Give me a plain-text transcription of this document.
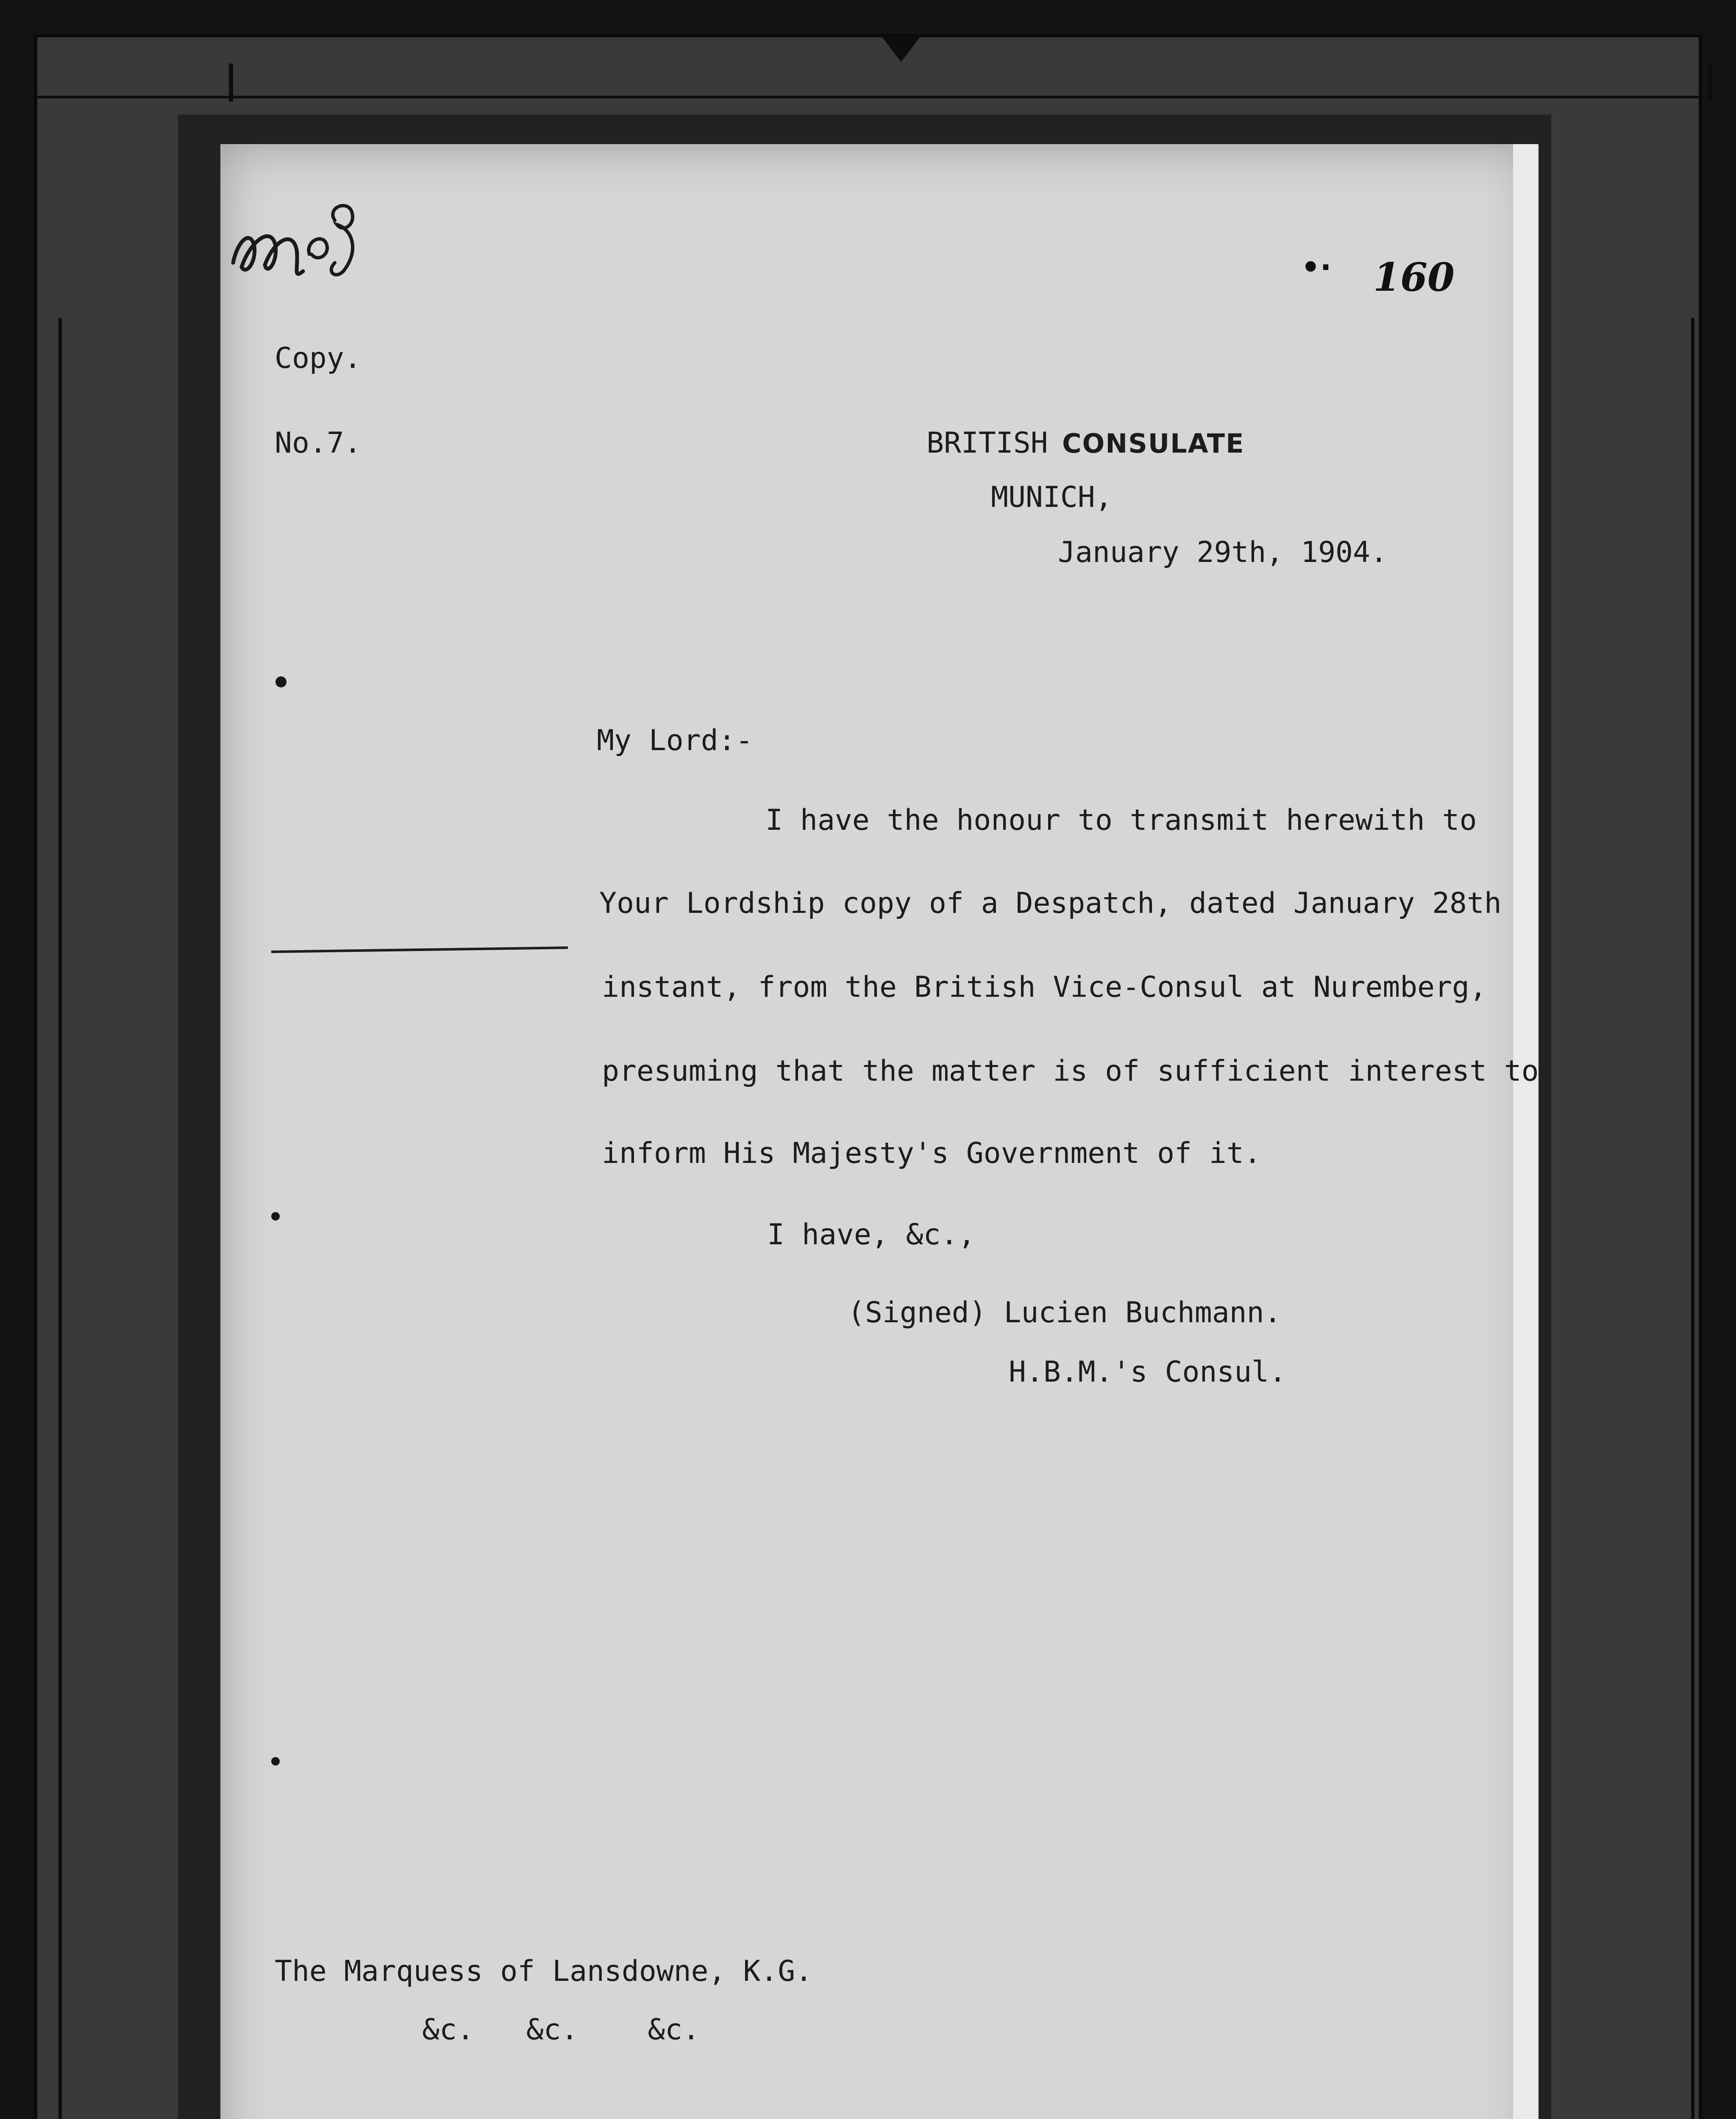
•· 160
Copy.
No.7.	BRITISH CONSULATE
MUNICH,
January 29th, 1904.
My Lord:-
I have the honour to transmit herewith to
Your Lordship copy of a Despatch, dated January 28th
instant, from the British Vice-Consul at Nuremberg,
presuming that the matter is of sufficient interest to
inform His Majesty's Government of it.
I have, &c.,
(Signed) Lucien Buchmann.
H.B.M.'s Consul.
The Marquess of Lansdowne, K.G.
&c.   &c.    &c.
